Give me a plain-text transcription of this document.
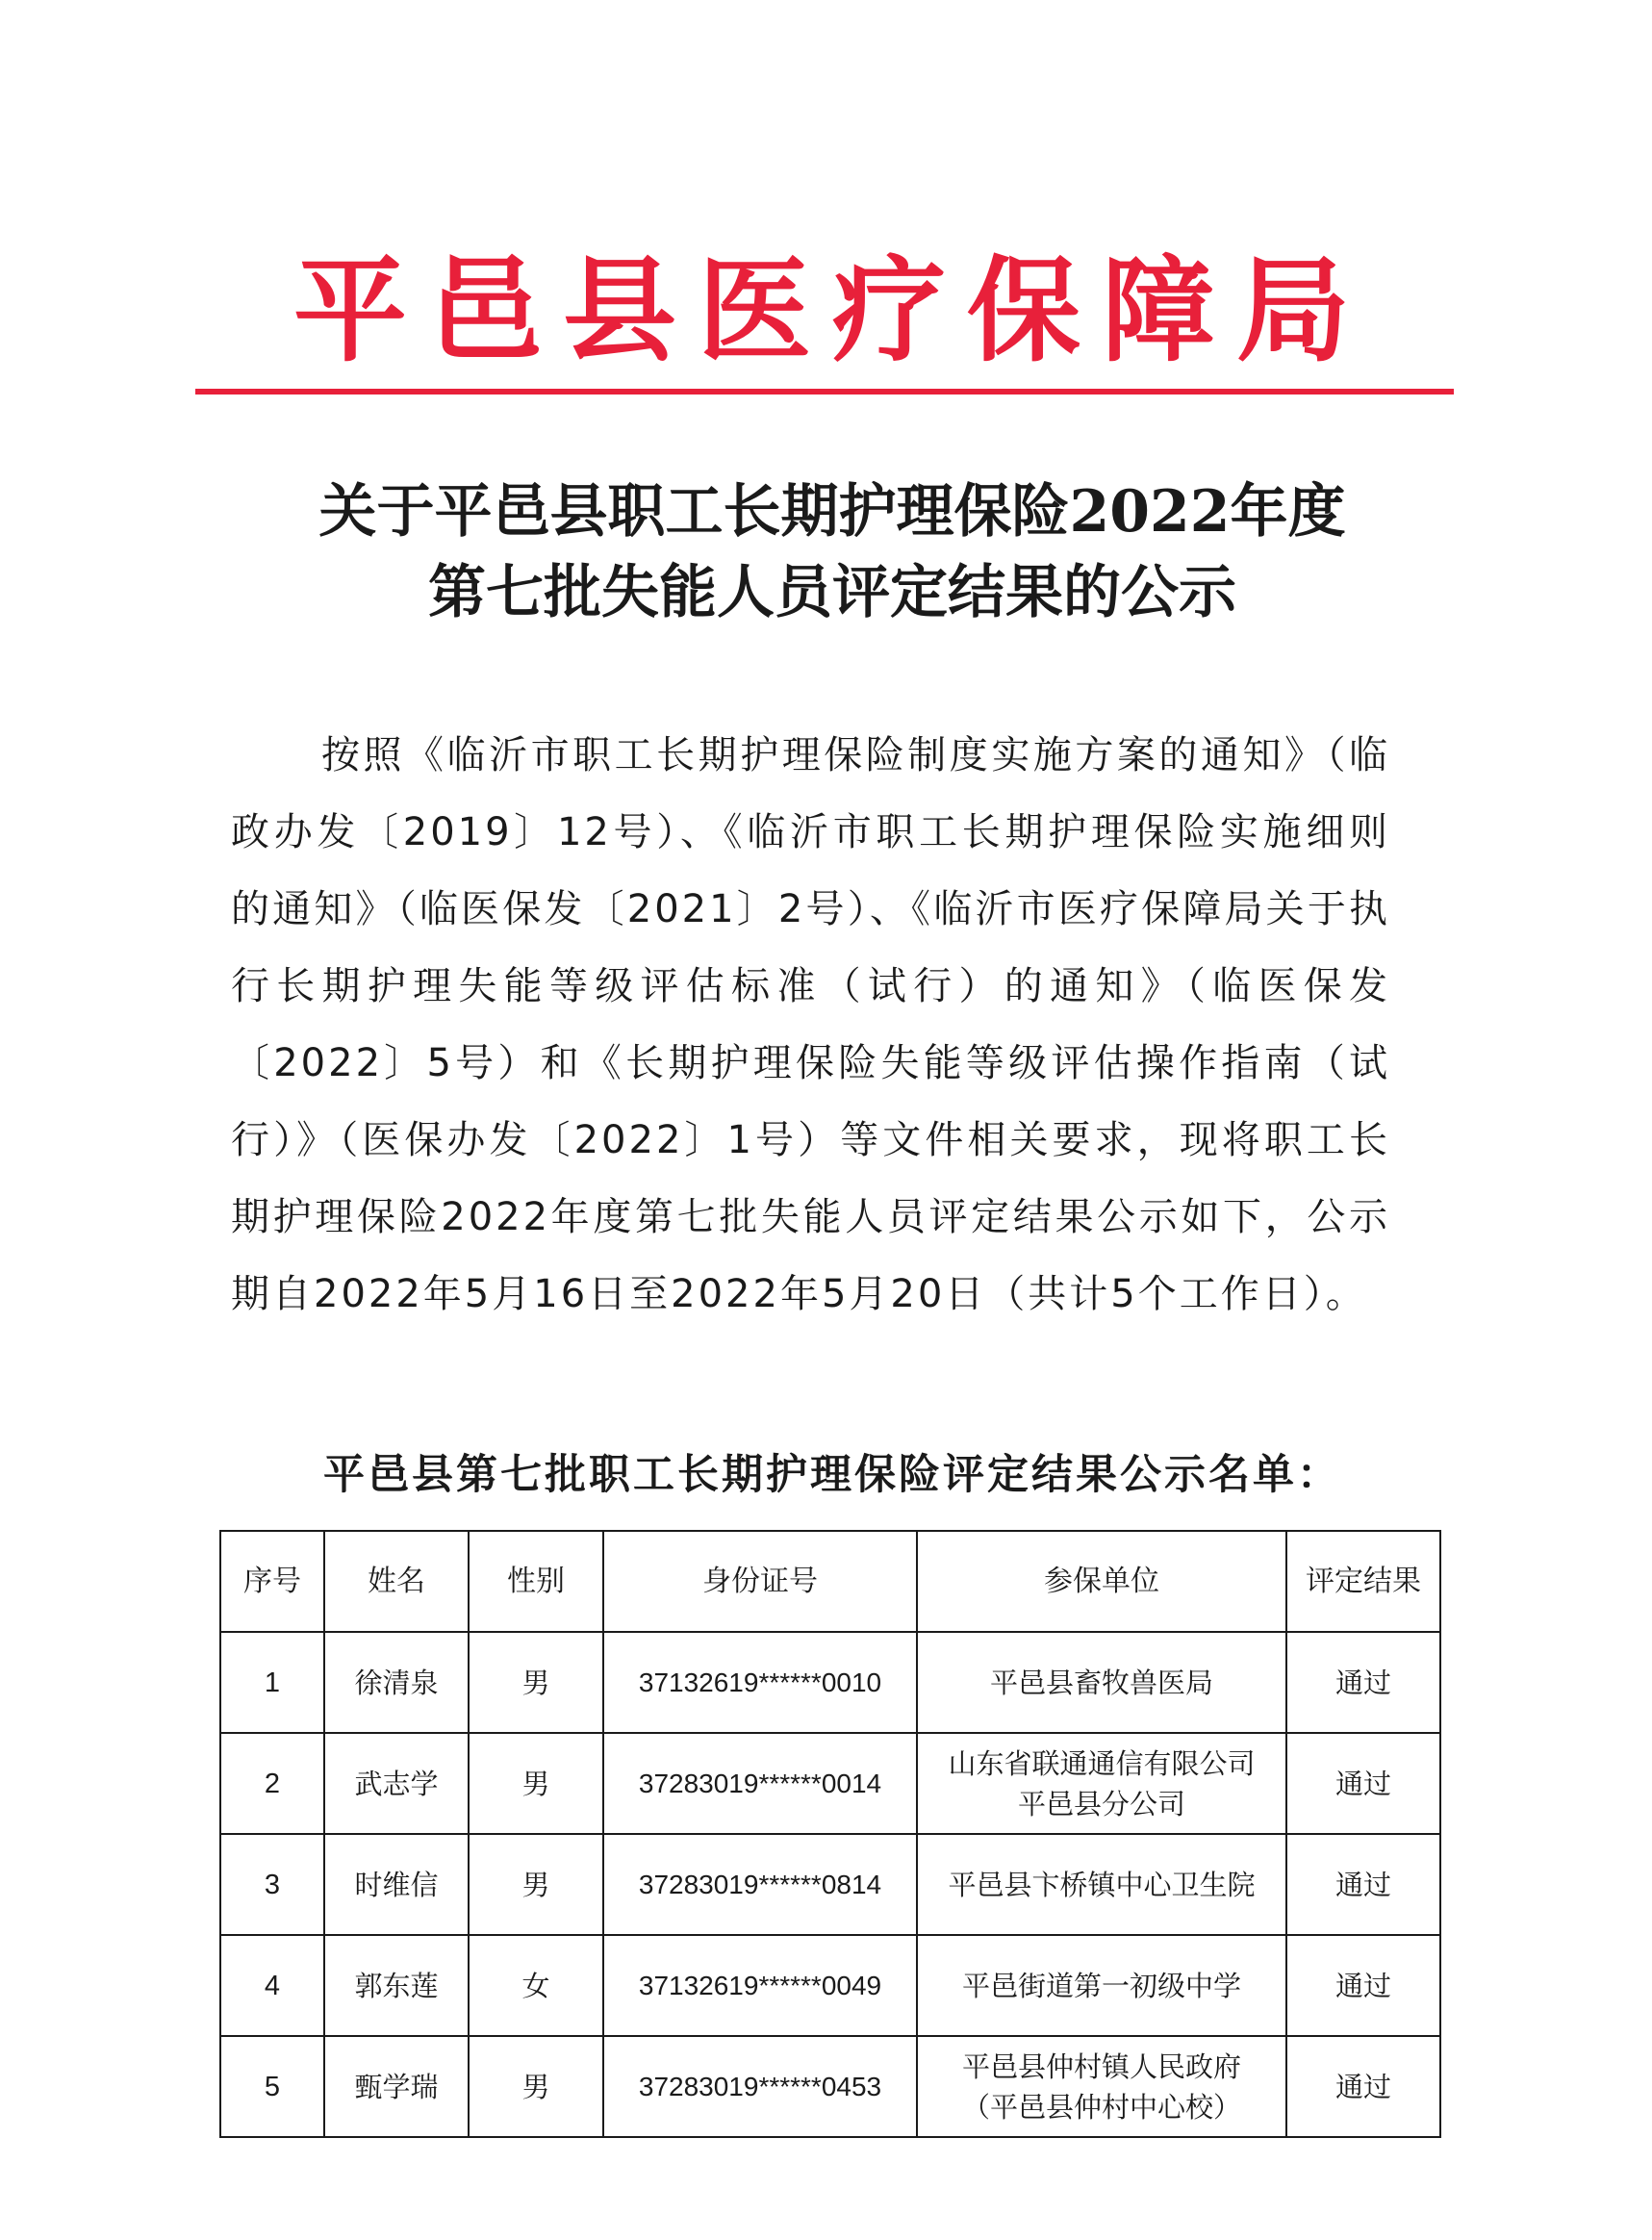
平邑县医疗保障局
关于平邑县职工长期护理保险2022年度
第七批失能人员评定结果的公示
按照《临沂市职工长期护理保险制度实施方案的通知》（临政办发〔2019〕12号）、《临沂市职工长期护理保险实施细则的通知》（临医保发〔2021〕2号）、《临沂市医疗保障局关于执行长期护理失能等级评估标准（试行）的通知》（临医保发〔2022〕5号）和《长期护理保险失能等级评估操作指南（试行）》（医保办发〔2022〕1号）等文件相关要求，现将职工长期护理保险2022年度第七批失能人员评定结果公示如下，公示期自2022年5月16日至2022年5月20日（共计5个工作日）。
平邑县第七批职工长期护理保险评定结果公示名单：
序号	姓名	性别	身份证号	参保单位	评定结果
1	徐清泉	男	37132619******0010	平邑县畜牧兽医局	通过
2	武志学	男	37283019******0014	山东省联通通信有限公司
平邑县分公司	通过
3	时维信	男	37283019******0814	平邑县卞桥镇中心卫生院	通过
4	郭东莲	女	37132619******0049	平邑街道第一初级中学	通过
5	甄学瑞	男	37283019******0453	平邑县仲村镇人民政府
（平邑县仲村中心校）	通过
